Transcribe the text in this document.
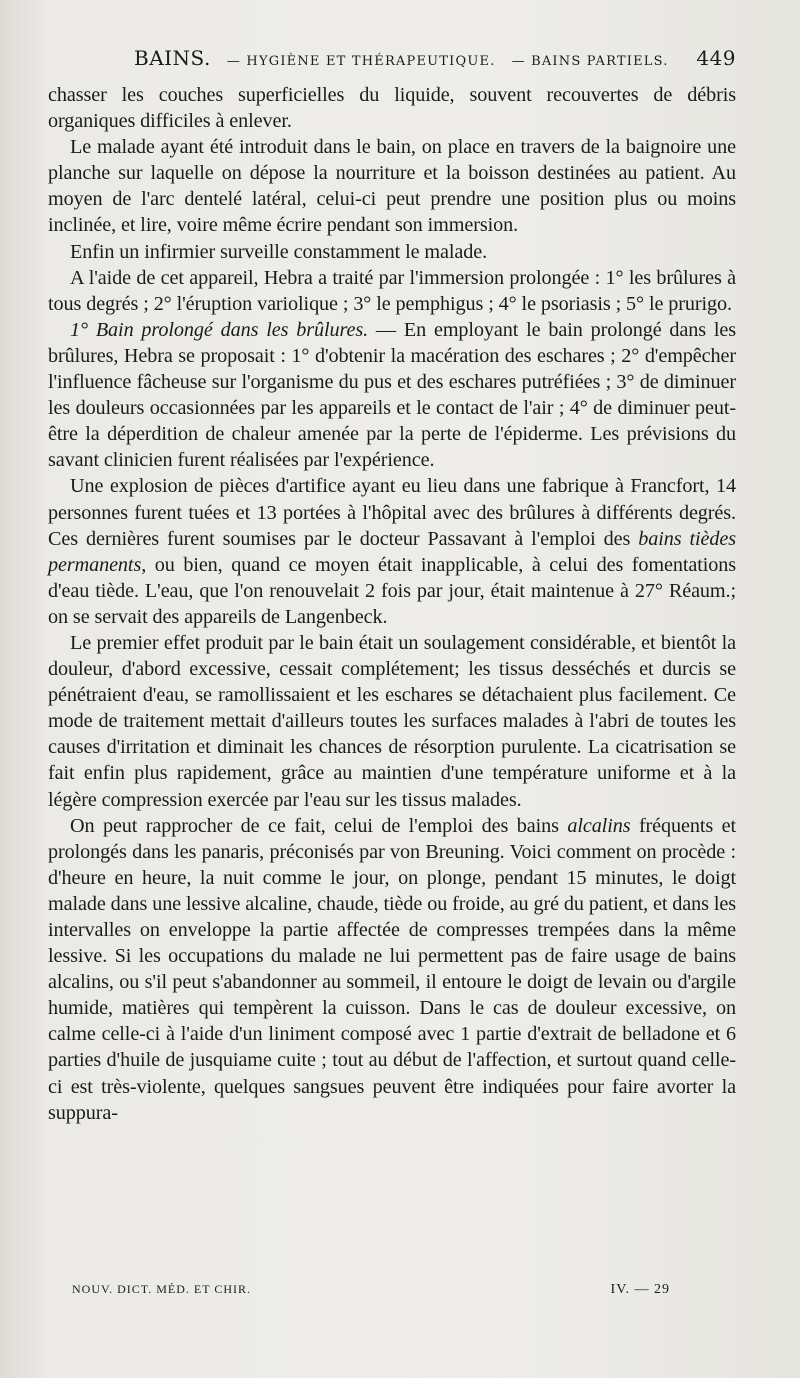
BAINS. — HYGIÈNE ET THÉRAPEUTIQUE. — BAINS PARTIELS. 449

chasser les couches superficielles du liquide, souvent recouvertes de débris organiques difficiles à enlever.

Le malade ayant été introduit dans le bain, on place en travers de la baignoire une planche sur laquelle on dépose la nourriture et la boisson destinées au patient. Au moyen de l'arc dentelé latéral, celui-ci peut prendre une position plus ou moins inclinée, et lire, voire même écrire pendant son immersion.

Enfin un infirmier surveille constamment le malade.

A l'aide de cet appareil, Hebra a traité par l'immersion prolongée : 1° les brûlures à tous degrés ; 2° l'éruption variolique ; 3° le pemphigus ; 4° le psoriasis ; 5° le prurigo.

1° Bain prolongé dans les brûlures. — En employant le bain prolongé dans les brûlures, Hebra se proposait : 1° d'obtenir la macération des eschares ; 2° d'empêcher l'influence fâcheuse sur l'organisme du pus et des eschares putréfiées ; 3° de diminuer les douleurs occasionnées par les appareils et le contact de l'air ; 4° de diminuer peut-être la déperdition de chaleur amenée par la perte de l'épiderme. Les prévisions du savant clinicien furent réalisées par l'expérience.

Une explosion de pièces d'artifice ayant eu lieu dans une fabrique à Francfort, 14 personnes furent tuées et 13 portées à l'hôpital avec des brûlures à différents degrés. Ces dernières furent soumises par le docteur Passavant à l'emploi des bains tièdes permanents, ou bien, quand ce moyen était inapplicable, à celui des fomentations d'eau tiède. L'eau, que l'on renouvelait 2 fois par jour, était maintenue à 27° Réaum.; on se servait des appareils de Langenbeck.

Le premier effet produit par le bain était un soulagement considérable, et bientôt la douleur, d'abord excessive, cessait complétement; les tissus desséchés et durcis se pénétraient d'eau, se ramollissaient et les eschares se détachaient plus facilement. Ce mode de traitement mettait d'ailleurs toutes les surfaces malades à l'abri de toutes les causes d'irritation et diminait les chances de résorption purulente. La cicatrisation se fait enfin plus rapidement, grâce au maintien d'une température uniforme et à la légère compression exercée par l'eau sur les tissus malades.

On peut rapprocher de ce fait, celui de l'emploi des bains alcalins fréquents et prolongés dans les panaris, préconisés par von Breuning. Voici comment on procède : d'heure en heure, la nuit comme le jour, on plonge, pendant 15 minutes, le doigt malade dans une lessive alcaline, chaude, tiède ou froide, au gré du patient, et dans les intervalles on enveloppe la partie affectée de compresses trempées dans la même lessive. Si les occupations du malade ne lui permettent pas de faire usage de bains alcalins, ou s'il peut s'abandonner au sommeil, il entoure le doigt de levain ou d'argile humide, matières qui tempèrent la cuisson. Dans le cas de douleur excessive, on calme celle-ci à l'aide d'un liniment composé avec 1 partie d'extrait de belladone et 6 parties d'huile de jusquiame cuite ; tout au début de l'affection, et surtout quand celle-ci est très-violente, quelques sangsues peuvent être indiquées pour faire avorter la suppura-

NOUV. DICT. MÉD. ET CHIR.	IV. — 29
